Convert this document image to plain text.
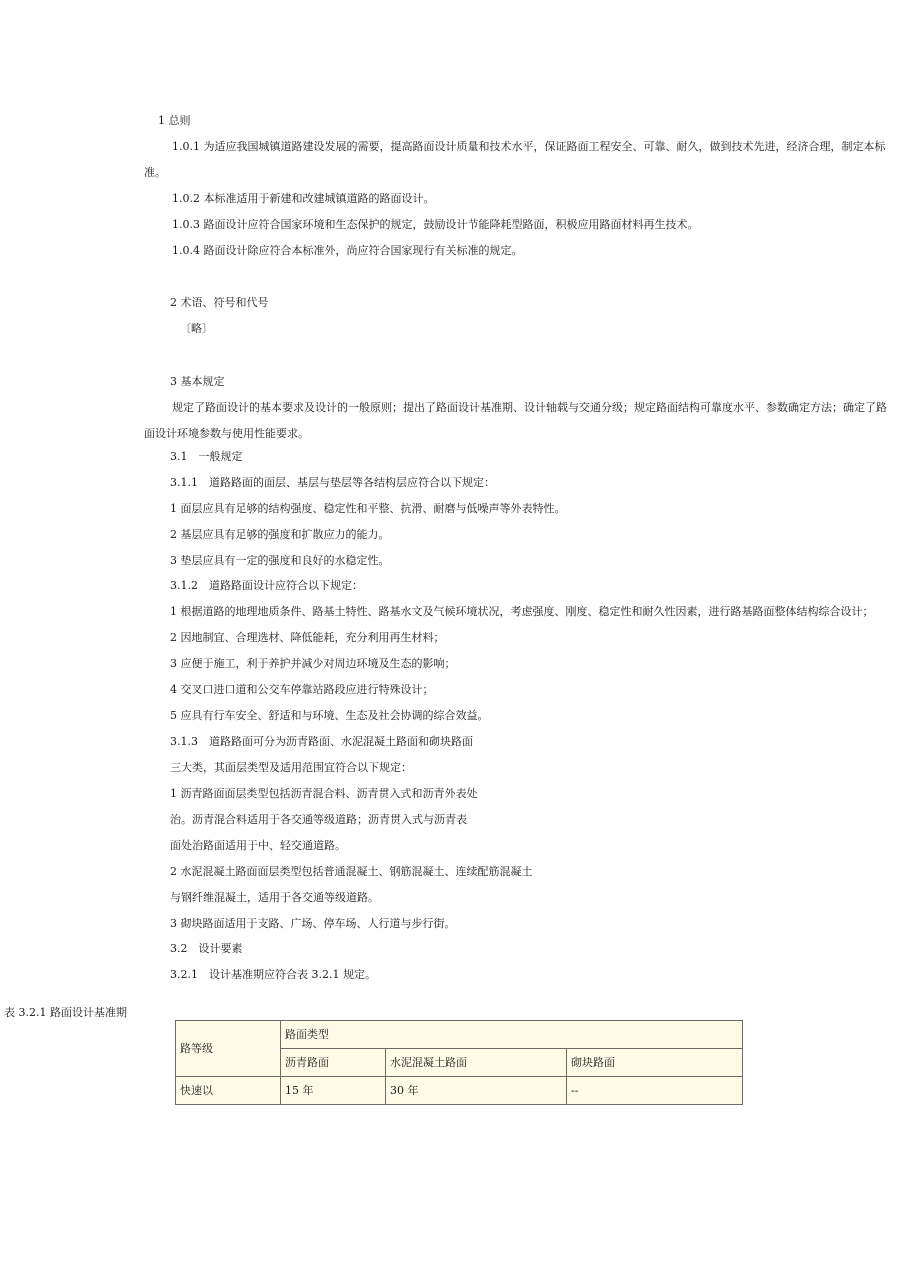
1 总则
1.0.1 为适应我国城镇道路建设发展的需要，提高路面设计质量和技术水平，保证路面工程安全、可靠、耐久，做到技术先进，经济合理，制定本标
准。
1.0.2 本标准适用于新建和改建城镇道路的路面设计。
1.0.3 路面设计应符合国家环境和生态保护的规定，鼓励设计节能降耗型路面，积极应用路面材料再生技术。
1.0.4 路面设计除应符合本标准外，尚应符合国家现行有关标准的规定。
2 术语、符号和代号
〔略〕
3 基本规定
规定了路面设计的基本要求及设计的一般原则；提出了路面设计基准期、设计轴载与交通分级；规定路面结构可靠度水平、参数确定方法；确定了路
面设计环境参数与使用性能要求。
3.1　一般规定
3.1.1　道路路面的面层、基层与垫层等各结构层应符合以下规定：
1 面层应具有足够的结构强度、稳定性和平整、抗滑、耐磨与低噪声等外表特性。
2 基层应具有足够的强度和扩散应力的能力。
3 垫层应具有一定的强度和良好的水稳定性。
3.1.2　道路路面设计应符合以下规定：
1 根据道路的地理地质条件、路基土特性、路基水文及气候环境状况，考虑强度、刚度、稳定性和耐久性因素，进行路基路面整体结构综合设计；
2 因地制宜、合理选材、降低能耗，充分利用再生材料；
3 应便于施工，利于养护并减少对周边环境及生态的影响；
4 交叉口进口道和公交车停靠站路段应进行特殊设计；
5 应具有行车安全、舒适和与环境、生态及社会协调的综合效益。
3.1.3　道路路面可分为沥青路面、水泥混凝土路面和砌块路面
三大类，其面层类型及适用范围宜符合以下规定：
1 沥青路面面层类型包括沥青混合料、沥青贯入式和沥青外表处
治。沥青混合料适用于各交通等级道路；沥青贯入式与沥青表
面处治路面适用于中、轻交通道路。
2 水泥混凝土路面面层类型包括普通混凝土、钢筋混凝土、连续配筋混凝土
与钢纤维混凝土，适用于各交通等级道路。
3 砌块路面适用于支路、广场、停车场、人行道与步行街。
3.2　设计要素
3.2.1　设计基准期应符合表 3.2.1 规定。
表 3.2.1 路面设计基准期
路等级	路面类型		
	沥青路面	水泥混凝土路面	砌块路面
快速以	15 年	30 年	--
